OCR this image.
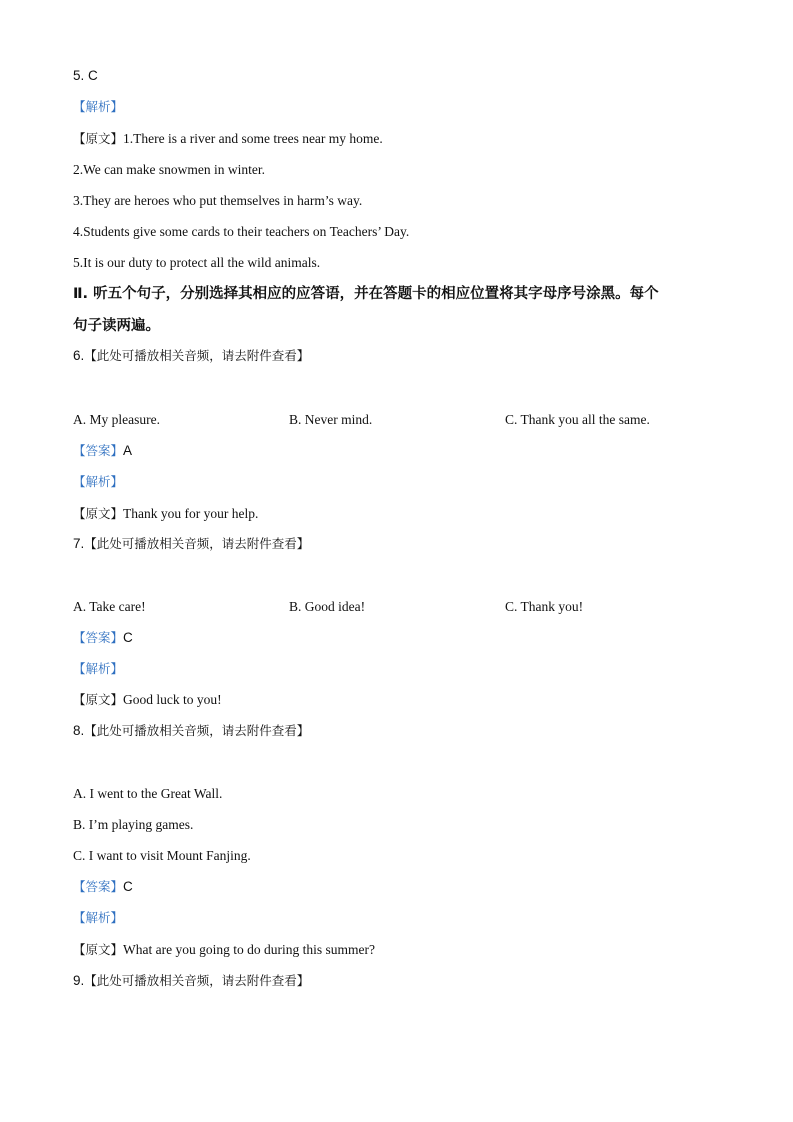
5. C
【解析】
【原文】1.There is a river and some trees near my home.
2.We can make snowmen in winter.
3.They are heroes who put themselves in harm’s way.
4.Students give some cards to their teachers on Teachers’ Day.
5.It is our duty to protect all the wild animals.
Ⅱ. 听五个句子，分别选择其相应的应答语，并在答题卡的相应位置将其字母序号涂黑。每个
句子读两遍。
6.【此处可播放相关音频，请去附件查看】
A. My pleasure.	B. Never mind.	C. Thank you all the same.
【答案】A
【解析】
【原文】Thank you for your help.
7.【此处可播放相关音频，请去附件查看】
A. Take care!	B. Good idea!	C. Thank you!
【答案】C
【解析】
【原文】Good luck to you!
8.【此处可播放相关音频，请去附件查看】
A. I went to the Great Wall.
B. I’m playing games.
C. I want to visit Mount Fanjing.
【答案】C
【解析】
【原文】What are you going to do during this summer?
9.【此处可播放相关音频，请去附件查看】
